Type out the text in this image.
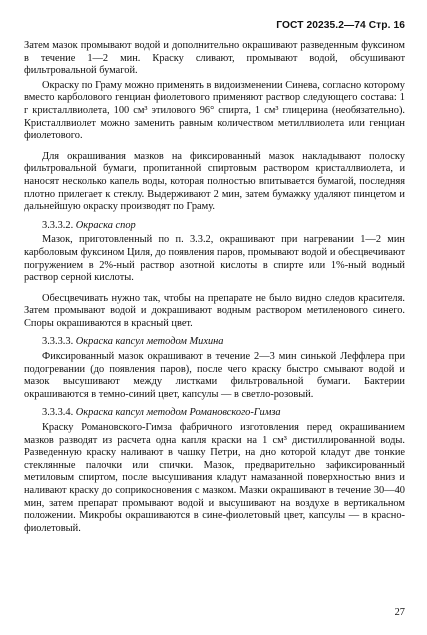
ГОСТ 20235.2—74 Стр. 16

Затем мазок промывают водой и дополнительно окрашивают разведенным фуксином в течение 1—2 мин. Краску сливают, промывают водой, обсушивают фильтровальной бумагой.

Окраску по Граму можно применять в видоизменении Синева, согласно которому вместо карболового генциан фиолетового применяют раствор следующего состава: 1 г кристаллвиолета, 100 см³ этилового 96° спирта, 1 см³ глицерина (необязательно). Кристаллвиолет можно заменить равным количеством метиллвиолета или генциан фиолетового.

Для окрашивания мазков на фиксированный мазок накладывают полоску фильтровальной бумаги, пропитанной спиртовым раствором кристаллвиолета, и наносят несколько капель воды, которая полностью впитывается бумагой, последняя плотно прилегает к стеклу. Выдерживают 2 мин, затем бумажку удаляют пинцетом и дальнейшую окраску производят по Граму.

3.3.3.2. Окраска спор

Мазок, приготовленный по п. 3.3.2, окрашивают при нагревании 1—2 мин карболовым фуксином Циля, до появления паров, промывают водой и обесцвечивают погружением в 2%-ный раствор азотной кислоты в спирте или 1%-ный водный раствор серной кислоты.

Обесцвечивать нужно так, чтобы на препарате не было видно следов красителя. Затем промывают водой и докрашивают водным раствором метиленового синего. Споры окрашиваются в красный цвет.

3.3.3.3. Окраска капсул методом Михина

Фиксированный мазок окрашивают в течение 2—3 мин синькой Леффлера при подогревании (до появления паров), после чего краску быстро смывают водой и мазок высушивают между листками фильтровальной бумаги. Бактерии окрашиваются в темно-синий цвет, капсулы — в светло-розовый.

3.3.3.4. Окраска капсул методом Романовского-Гимза

Краску Романовского-Гимза фабричного изготовления перед окрашиванием мазков разводят из расчета одна капля краски на 1 см³ дистиллированной воды. Разведенную краску наливают в чашку Петри, на дно которой кладут две тонкие стеклянные палочки или спички. Мазок, предварительно зафиксированный метиловым спиртом, после высушивания кладут намазанной поверхностью вниз и наливают краску до соприкосновения с мазком. Мазки окрашивают в течение 30—40 мин, затем препарат промывают водой и высушивают на воздухе в вертикальном положении. Микробы окрашиваются в сине-фиолетовый цвет, капсулы — в красно-фиолетовый.

27
